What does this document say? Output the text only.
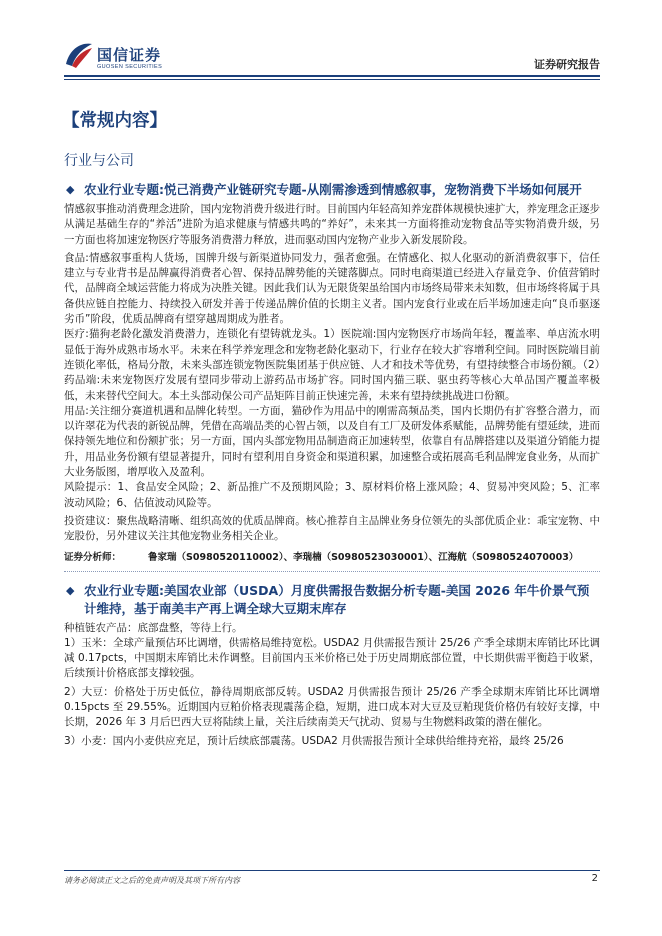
国信证券
GUOSEN SECURITIES	证券研究报告
【常规内容】
行业与公司
◆ 农业行业专题:悦己消费产业链研究专题-从刚需渗透到情感叙事，宠物消费下半场如何展开

情感叙事推动消费理念进阶，国内宠物消费升级进行时。目前国内年轻高知养宠群体规模快速扩大，养宠理念正逐步从满足基础生存的“养活”进阶为追求健康与情感共鸣的“养好”，未来其一方面将推动宠物食品等实物消费升级，另一方面也将加速宠物医疗等服务消费潜力释放，进而驱动国内宠物产业步入新发展阶段。

食品:情感叙事重构人货场，国牌升级与新渠道协同发力，强者愈强。在情感化、拟人化驱动的新消费叙事下，信任建立与专业背书是品牌赢得消费者心智、保持品牌势能的关键落脚点。同时电商渠道已经进入存量竞争、价值营销时代，品牌商全域运营能力将成为决胜关键。因此我们认为无限货架虽给国内市场终局带来未知数，但市场终将属于具备供应链自控能力、持续投入研发并善于传递品牌价值的长期主义者。国内宠食行业或在后半场加速走向“良币驱逐劣币”阶段，优质品牌商有望穿越周期成为胜者。

医疗:猫狗老龄化激发消费潜力，连锁化有望铸就龙头。1）医院端:国内宠物医疗市场尚年轻，覆盖率、单店流水明显低于海外成熟市场水平。未来在科学养宠理念和宠物老龄化驱动下，行业存在较大扩容增利空间。同时医院端目前连锁化率低，格局分散，未来头部连锁宠物医院集团基于供应链、人才和技术等优势，有望持续整合市场份额。（2）药品端:未来宠物医疗发展有望同步带动上游药品市场扩容。同时国内猫三联、驱虫药等核心大单品国产覆盖率极低，未来替代空间大。本土头部动保公司产品矩阵目前正快速完善，未来有望持续挑战进口份额。

用品:关注细分赛道机遇和品牌化转型。一方面，猫砂作为用品中的刚需高频品类，国内长期仍有扩容整合潜力，而以许翠花为代表的新锐品牌，凭借在高端品类的心智占领，以及自有工厂及研发体系赋能，品牌势能有望延续，进而保持领先地位和份额扩张；另一方面，国内头部宠物用品制造商正加速转型，依靠自有品牌搭建以及渠道分销能力提升，用品业务份额有望显著提升，同时有望利用自身资金和渠道积累，加速整合或拓展高毛利品牌宠食业务，从而扩大业务版图，增厚收入及盈利。

风险提示：1、食品安全风险；2、新品推广不及预期风险；3、原材料价格上涨风险；4、贸易冲突风险；5、汇率波动风险；6、估值波动风险等。

投资建议：聚焦战略清晰、组织高效的优质品牌商。核心推荐自主品牌业务身位领先的头部优质企业：乖宝宠物、中宠股份，另外建议关注其他宠物业务相关企业。

证券分析师：	鲁家瑞（S0980520110002）、李瑞楠（S0980523030001）、江海航（S0980524070003）
◆ 农业行业专题:美国农业部（USDA）月度供需报告数据分析专题-美国 2026 年牛价景气预计维持，基于南美丰产再上调全球大豆期末库存

种植链农产品：底部盘整，等待上行。

1）玉米：全球产量预估环比调增，供需格局维持宽松。USDA2 月供需报告预计 25/26 产季全球期末库销比环比调减 0.17pcts，中国期末库销比未作调整。目前国内玉米价格已处于历史周期底部位置，中长期供需平衡趋于收紧，后续预计价格底部支撑较强。

2）大豆：价格处于历史低位，静待周期底部反转。USDA2 月供需报告预计 25/26 产季全球期末库销比环比调增 0.15pcts 至 29.55%。近期国内豆粕价格表现震荡企稳，短期，进口成本对大豆及豆粕现货价格仍有较好支撑，中长期，2026 年 3 月后巴西大豆将陆续上量，关注后续南美天气扰动、贸易与生物燃料政策的潜在催化。

3）小麦：国内小麦供应充足，预计后续底部震荡。USDA2 月供需报告预计全球供给维持充裕，最终 25/26

请务必阅读正文之后的免责声明及其项下所有内容	2
